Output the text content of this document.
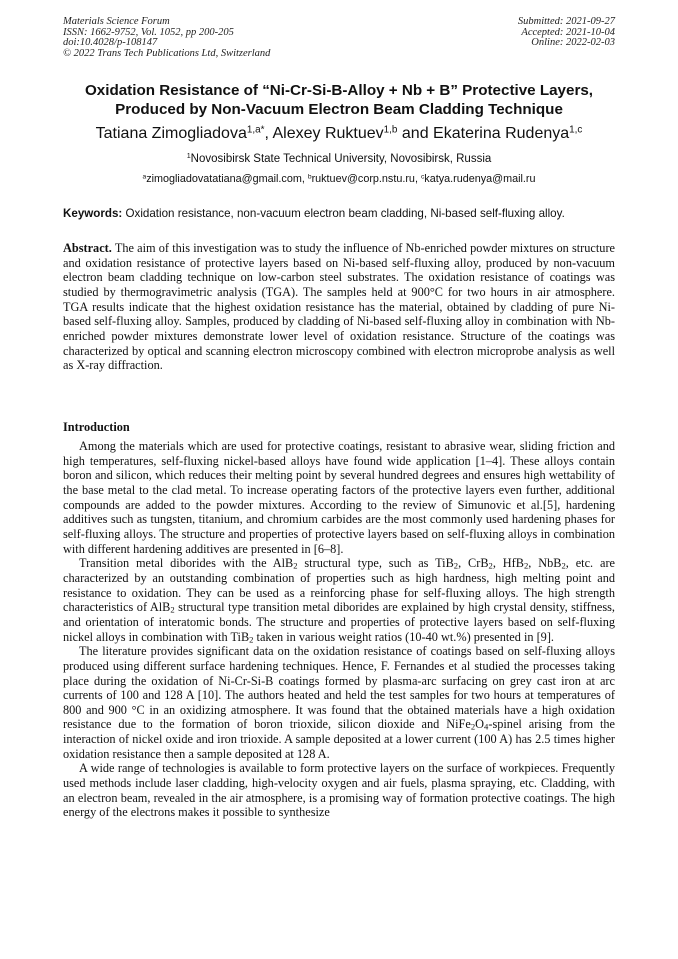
Materials Science Forum
ISSN: 1662-9752, Vol. 1052, pp 200-205
doi:10.4028/p-108147
© 2022 Trans Tech Publications Ltd, Switzerland
Submitted: 2021-09-27
Accepted: 2021-10-04
Online: 2022-02-03
Oxidation Resistance of “Ni-Cr-Si-B-Alloy + Nb + B” Protective Layers,
Produced by Non-Vacuum Electron Beam Cladding Technique
Tatiana Zimogliadova$^{1,a*}$, Alexey Ruktuev$^{1,b}$ and Ekaterina Rudenya$^{1,c}$
$^1$Novosibirsk State Technical University, Novosibirsk, Russia
$^a$zimogliadovatatiana@gmail.com, $^b$ruktuev@corp.nstu.ru, $^c$katya.rudenya@mail.ru
Keywords: Oxidation resistance, non-vacuum electron beam cladding, Ni-based self-fluxing alloy.

Abstract. The aim of this investigation was to study the influence of Nb-enriched powder mixtures on structure and oxidation resistance of protective layers based on Ni-based self-fluxing alloy, produced by non-vacuum electron beam cladding technique on low-carbon steel substrates. The oxidation resistance of coatings was studied by thermogravimetric analysis (TGA). The samples held at 900°C for two hours in air atmosphere. TGA results indicate that the highest oxidation resistance has the material, obtained by cladding of pure Ni-based self-fluxing alloy. Samples, produced by cladding of Ni-based self-fluxing alloy in combination with Nb-enriched powder mixtures demonstrate lower level of oxidation resistance. Structure of the coatings was characterized by optical and scanning electron microscopy combined with electron microprobe analysis as well as X-ray diffraction.

Introduction

Among the materials which are used for protective coatings, resistant to abrasive wear, sliding friction and high temperatures, self-fluxing nickel-based alloys have found wide application [1–4]. These alloys contain boron and silicon, which reduces their melting point by several hundred degrees and ensures high wettability of the base metal to the clad metal. To increase operating factors of the protective layers even further, additional compounds are added to the powder mixtures. According to the review of Simunovic et al.[5], hardening additives such as tungsten, titanium, and chromium carbides are the most commonly used hardening phases for self-fluxing alloys. The structure and properties of protective layers based on self-fluxing alloys in combination with different hardening additives are presented in [6–8].

Transition metal diborides with the AlB$_2$ structural type, such as TiB$_2$, CrB$_2$, HfB$_2$, NbB$_2$, etc. are characterized by an outstanding combination of properties such as high hardness, high melting point and resistance to oxidation. They can be used as a reinforcing phase for self-fluxing alloys. The high strength characteristics of AlB$_2$ structural type transition metal diborides are explained by high crystal density, stiffness, and orientation of interatomic bonds. The structure and properties of protective layers based on self-fluxing nickel alloys in combination with TiB$_2$ taken in various weight ratios (10-40 wt.%) presented in [9].

The literature provides significant data on the oxidation resistance of coatings based on self-fluxing alloys produced using different surface hardening techniques. Hence, F. Fernandes et al studied the processes taking place during the oxidation of Ni-Cr-Si-B coatings formed by plasma-arc surfacing on grey cast iron at arc currents of 100 and 128 A [10]. The authors heated and held the test samples for two hours at temperatures of 800 and 900 °C in an oxidizing atmosphere. It was found that the obtained materials have a high oxidation resistance due to the formation of boron trioxide, silicon dioxide and $NiFe_2O_4$-spinel arising from the interaction of nickel oxide and iron trioxide. A sample deposited at a lower current (100 A) has 2.5 times higher oxidation resistance then a sample deposited at 128 A.

A wide range of technologies is available to form protective layers on the surface of workpieces. Frequently used methods include laser cladding, high-velocity oxygen and air fuels, plasma spraying, etc. Cladding, with an electron beam, revealed in the air atmosphere, is a promising way of formation protective coatings. The high energy of the electrons makes it possible to synthesize
